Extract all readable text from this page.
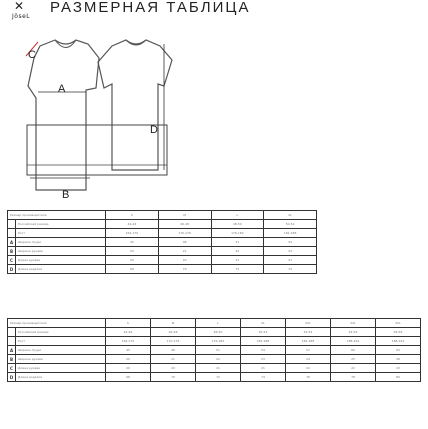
✕
ЈӧѕеL
РАЗМЕРНАЯ ТАБЛИЦА
C
A
D
B
Размер производителя		S	M	L	XL
	Российский размер	44-46	46-48	48-50	50-52
	Рост	164-170	170-176	176-182	182-188
A	Ширина груди	45	48	51	54
B	Ширина рукава	20	21	22	23
C	Длина рукава	20	20	21	21
D	Длина изделия	68	70	72	74
Размер производителя		S	M	L	XL	2XL	3XL	4XL
	Российский размер	44-46	46-48	48-50	50-52	52-54	54-56	56-58
	Рост	164-170	170-176	176-182	182-188	182-188	188-194	188-194
A	Ширина груди	45	48	51	54	57	60	63
B	Ширина рукава	20	21	22	23	24	25	26
C	Длина рукава	20	20	21	21	22	22	23
D	Длина изделия	68	70	72	74	76	78	80
